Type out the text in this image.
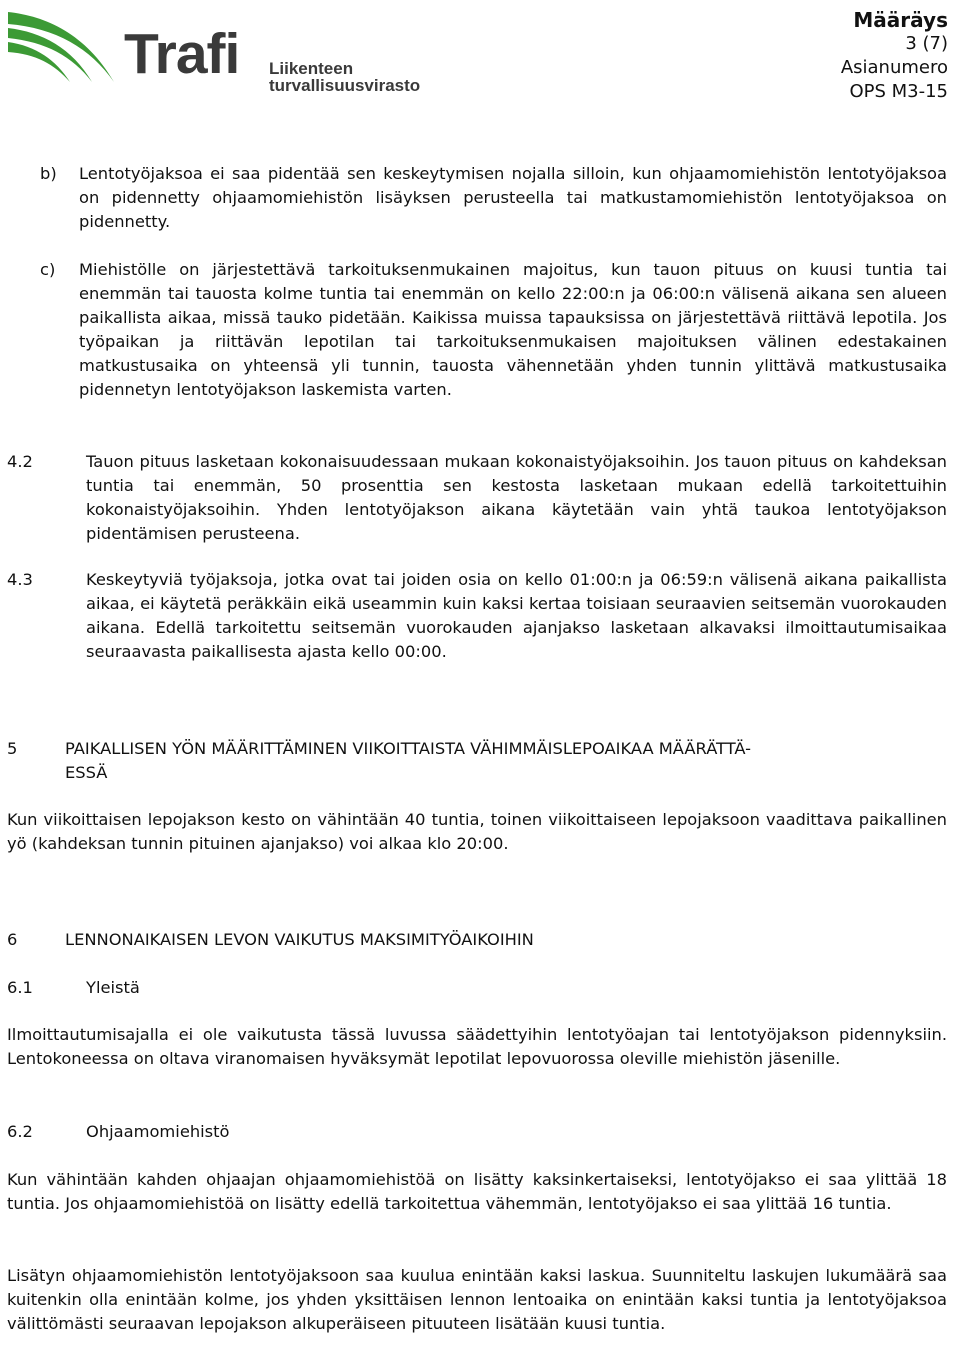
Trafi Liikenteen turvallisuusvirasto
Määräys
3 (7)
Asianumero
OPS M3-15
b) Lentotyöjaksoa ei saa pidentää sen keskeytymisen nojalla silloin, kun ohjaamomiehistön lentotyöjaksoa on pidennetty ohjaamomiehistön lisäyksen perusteella tai matkustamomiehistön lentotyöjaksoa on pidennetty.

c) Miehistölle on järjestettävä tarkoituksenmukainen majoitus, kun tauon pituus on kuusi tuntia tai enemmän tai tauosta kolme tuntia tai enemmän on kello 22:00:n ja 06:00:n välisenä aikana sen alueen paikallista aikaa, missä tauko pidetään. Kaikissa muissa tapauksissa on järjestettävä riittävä lepotila. Jos työpaikan ja riittävän lepotilan tai tarkoituksenmukaisen majoituksen välinen edestakainen matkustusaika on yhteensä yli tunnin, tauosta vähennetään yhden tunnin ylittävä matkustusaika pidennetyn lentotyöjakson laskemista varten.

4.2	Tauon pituus lasketaan kokonaisuudessaan mukaan kokonaistyöjaksoihin. Jos tauon pituus on kahdeksan tuntia tai enemmän, 50 prosenttia sen kestosta lasketaan mukaan edellä tarkoitettuihin kokonaistyöjaksoihin. Yhden lentotyöjakson aikana käytetään vain yhtä taukoa lentotyöjakson pidentämisen perusteena.

4.3	Keskeytyviä työjaksoja, jotka ovat tai joiden osia on kello 01:00:n ja 06:59:n välisenä aikana paikallista aikaa, ei käytetä peräkkäin eikä useammin kuin kaksi kertaa toisiaan seuraavien seitsemän vuorokauden aikana. Edellä tarkoitettu seitsemän vuorokauden ajanjakso lasketaan alkavaksi ilmoittautumisaikaa seuraavasta paikallisesta ajasta kello 00:00.

5	PAIKALLISEN YÖN MÄÄRITTÄMINEN VIIKOITTAISTA VÄHIMMÄISLEPOAIKAA MÄÄRÄTTÄ-
ESSÄ

Kun viikoittaisen lepojakson kesto on vähintään 40 tuntia, toinen viikoittaiseen lepojaksoon vaadittava paikallinen yö (kahdeksan tunnin pituinen ajanjakso) voi alkaa klo 20:00.

6	LENNONAIKAISEN LEVON VAIKUTUS MAKSIMITYÖAIKOIHIN
6.1	Yleistä

Ilmoittautumisajalla ei ole vaikutusta tässä luvussa säädettyihin lentotyöajan tai lentotyöjakson pidennyksiin. Lentokoneessa on oltava viranomaisen hyväksymät lepotilat lepovuorossa oleville miehistön jäsenille.

6.2	Ohjaamomiehistö

Kun vähintään kahden ohjaajan ohjaamomiehistöä on lisätty kaksinkertaiseksi, lentotyöjakso ei saa ylittää 18 tuntia. Jos ohjaamomiehistöä on lisätty edellä tarkoitettua vähemmän, lentotyöjakso ei saa ylittää 16 tuntia.

Lisätyn ohjaamomiehistön lentotyöjaksoon saa kuulua enintään kaksi laskua. Suunniteltu laskujen lukumäärä saa kuitenkin olla enintään kolme, jos yhden yksittäisen lennon lentoaika on enintään kaksi tuntia ja lentotyöjaksoa välittömästi seuraavan lepojakson alkuperäiseen pituuteen lisätään kuusi tuntia.
